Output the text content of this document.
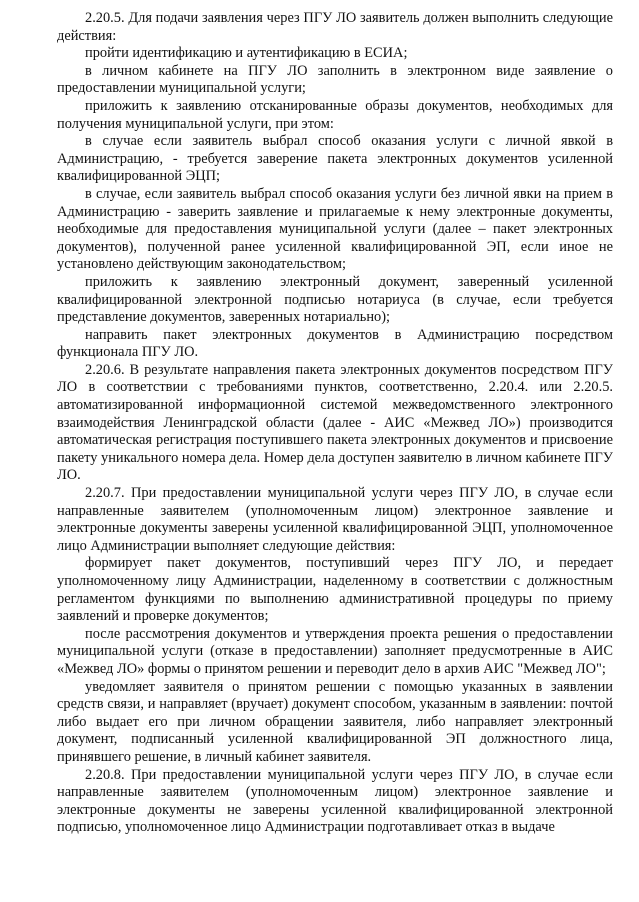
2.20.5. Для подачи заявления через ПГУ ЛО заявитель должен выполнить следующие действия:

пройти идентификацию и аутентификацию в ЕСИА;

в личном кабинете на ПГУ ЛО заполнить в электронном виде заявление о предоставлении муниципальной услуги;

приложить к заявлению отсканированные образы документов, необходимых для получения муниципальной услуги, при этом:

в случае если заявитель выбрал способ оказания услуги с личной явкой в Администрацию, - требуется заверение пакета электронных документов усиленной квалифицированной ЭЦП;

в случае, если заявитель выбрал способ оказания услуги без личной явки на прием в Администрацию - заверить заявление и прилагаемые к нему электронные документы, необходимые для предоставления муниципальной услуги (далее – пакет электронных документов), полученной ранее усиленной квалифицированной ЭП, если иное не установлено действующим законодательством;

приложить к заявлению электронный документ, заверенный усиленной квалифицированной электронной подписью нотариуса (в случае, если требуется представление документов, заверенных нотариально);

направить пакет электронных документов в Администрацию посредством функционала ПГУ ЛО.

2.20.6. В результате направления пакета электронных документов посредством ПГУ ЛО в соответствии с требованиями пунктов, соответственно, 2.20.4. или 2.20.5. автоматизированной информационной системой межведомственного электронного взаимодействия Ленинградской области (далее - АИС «Межвед ЛО») производится автоматическая регистрация поступившего пакета электронных документов и присвоение пакету уникального номера дела. Номер дела доступен заявителю в личном кабинете ПГУ ЛО.

2.20.7. При предоставлении муниципальной услуги через ПГУ ЛО, в случае если направленные заявителем (уполномоченным лицом) электронное заявление и электронные документы заверены усиленной квалифицированной ЭЦП, уполномоченное лицо Администрации выполняет следующие действия:

формирует пакет документов, поступивший через ПГУ ЛО, и передает уполномоченному лицу Администрации, наделенному в соответствии с должностным регламентом функциями по выполнению административной процедуры по приему заявлений и проверке документов;

после рассмотрения документов и утверждения проекта решения о предоставлении муниципальной услуги (отказе в предоставлении) заполняет предусмотренные в АИС «Межвед ЛО» формы о принятом решении и переводит дело в архив АИС "Межвед ЛО";

уведомляет заявителя о принятом решении с помощью указанных в заявлении средств связи, и направляет (вручает) документ способом, указанным в заявлении: почтой либо выдает его при личном обращении заявителя, либо направляет электронный документ, подписанный усиленной квалифицированной ЭП должностного лица, принявшего решение, в личный кабинет заявителя.

2.20.8. При предоставлении муниципальной услуги через ПГУ ЛО, в случае если направленные заявителем (уполномоченным лицом) электронное заявление и электронные документы не заверены усиленной квалифицированной электронной подписью, уполномоченное лицо Администрации подготавливает отказ в выдаче
